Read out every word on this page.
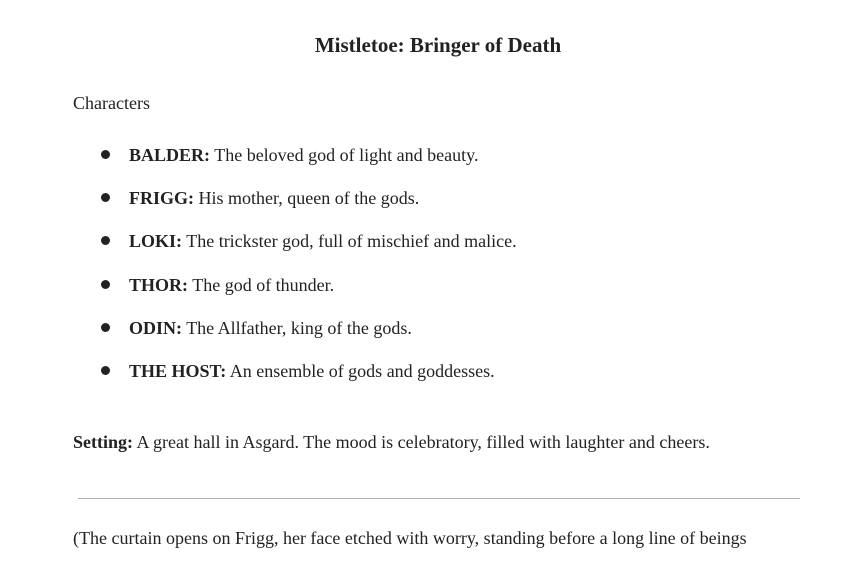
Mistletoe: Bringer of Death

Characters

BALDER: The beloved god of light and beauty.
FRIGG: His mother, queen of the gods.
LOKI: The trickster god, full of mischief and malice.
THOR: The god of thunder.
ODIN: The Allfather, king of the gods.
THE HOST: An ensemble of gods and goddesses.

Setting: A great hall in Asgard. The mood is celebratory, filled with laughter and cheers.

(The curtain opens on Frigg, her face etched with worry, standing before a long line of beings
